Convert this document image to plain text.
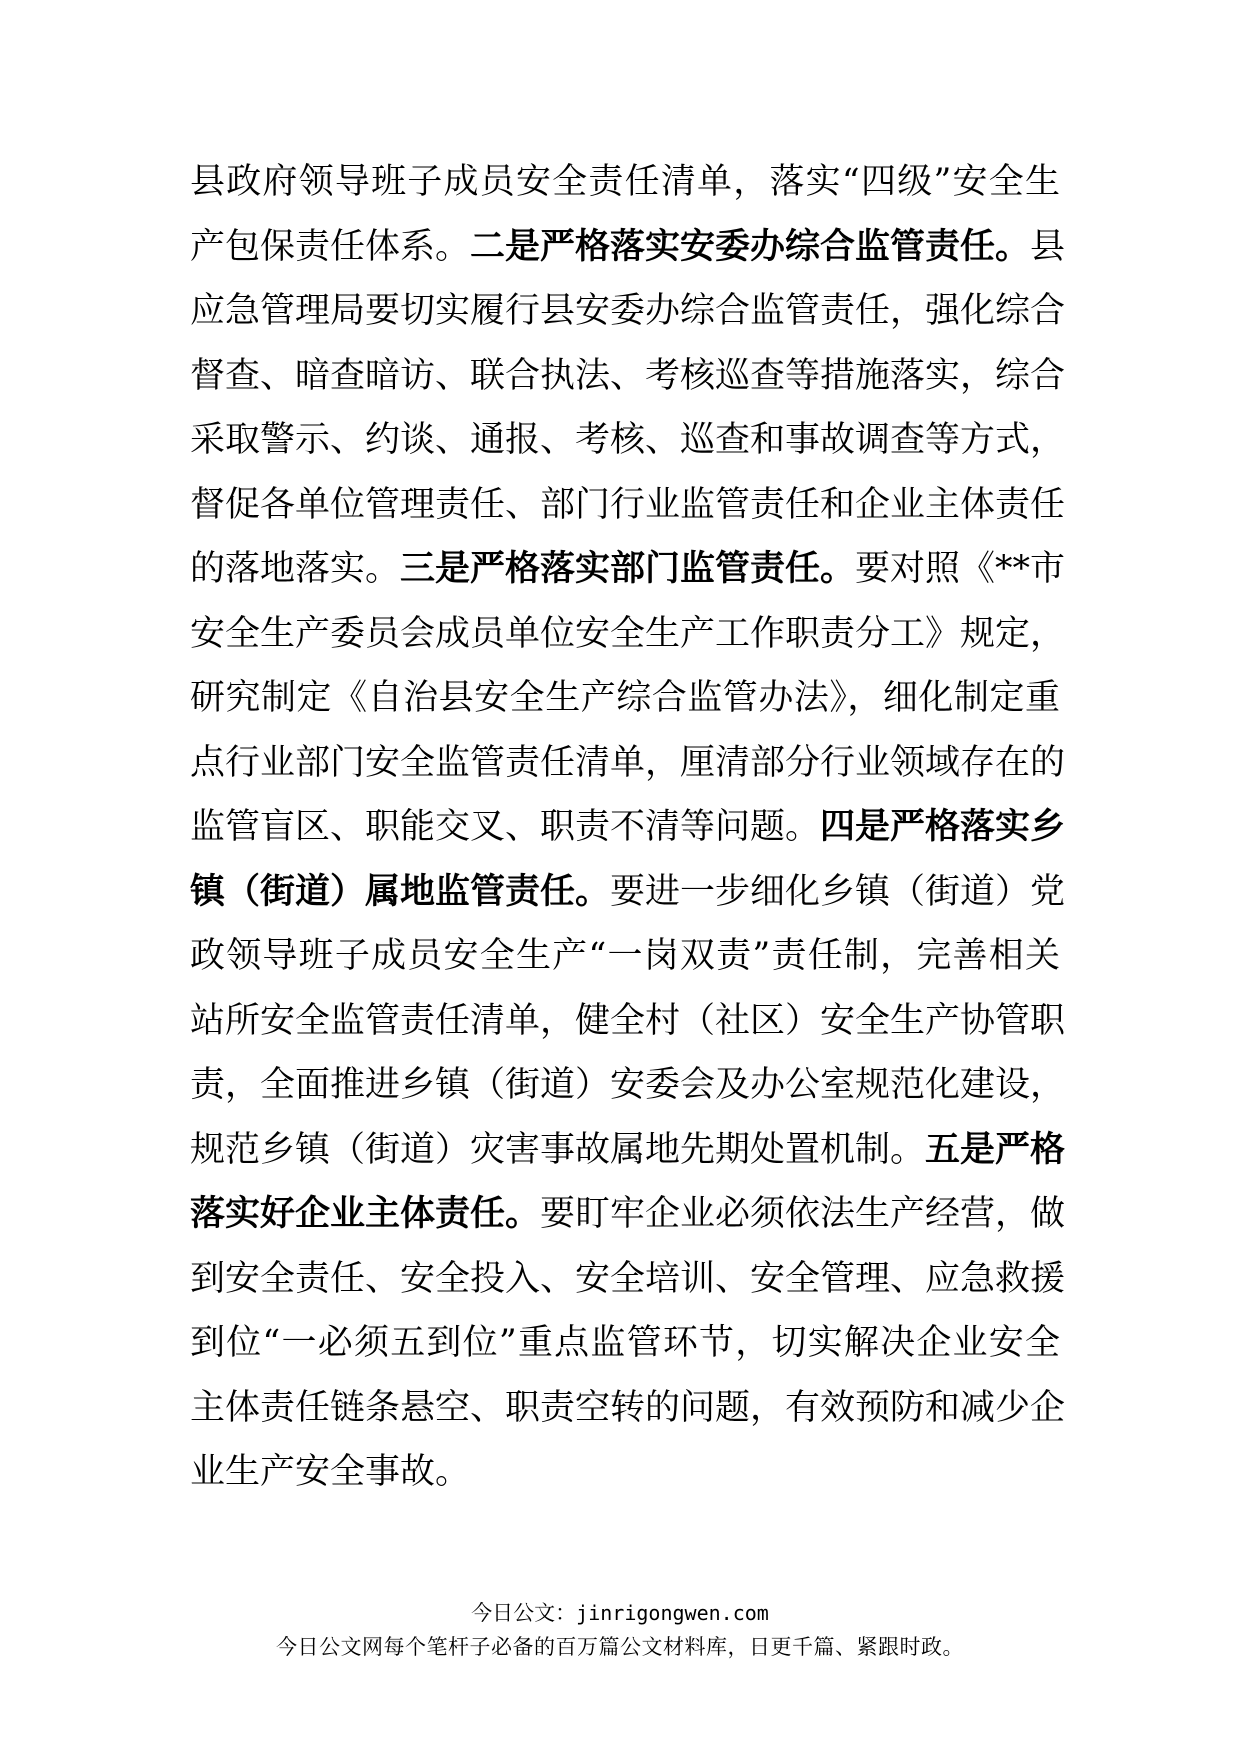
县政府领导班子成员安全责任清单，落实“四级”安全生
产包保责任体系。二是严格落实安委办综合监管责任。县
应急管理局要切实履行县安委办综合监管责任，强化综合
督查、暗查暗访、联合执法、考核巡查等措施落实，综合
采取警示、约谈、通报、考核、巡查和事故调查等方式，
督促各单位管理责任、部门行业监管责任和企业主体责任
的落地落实。三是严格落实部门监管责任。要对照《**市
安全生产委员会成员单位安全生产工作职责分工》规定，
研究制定《自治县安全生产综合监管办法》，细化制定重
点行业部门安全监管责任清单，厘清部分行业领域存在的
监管盲区、职能交叉、职责不清等问题。四是严格落实乡
镇（街道）属地监管责任。要进一步细化乡镇（街道）党
政领导班子成员安全生产“一岗双责”责任制，完善相关
站所安全监管责任清单，健全村（社区）安全生产协管职
责，全面推进乡镇（街道）安委会及办公室规范化建设，
规范乡镇（街道）灾害事故属地先期处置机制。五是严格
落实好企业主体责任。要盯牢企业必须依法生产经营，做
到安全责任、安全投入、安全培训、安全管理、应急救援
到位“一必须五到位”重点监管环节，切实解决企业安全
主体责任链条悬空、职责空转的问题，有效预防和减少企
业生产安全事故。
今日公文：jinrigongwen.com
今日公文网每个笔杆子必备的百万篇公文材料库，日更千篇、紧跟时政。
